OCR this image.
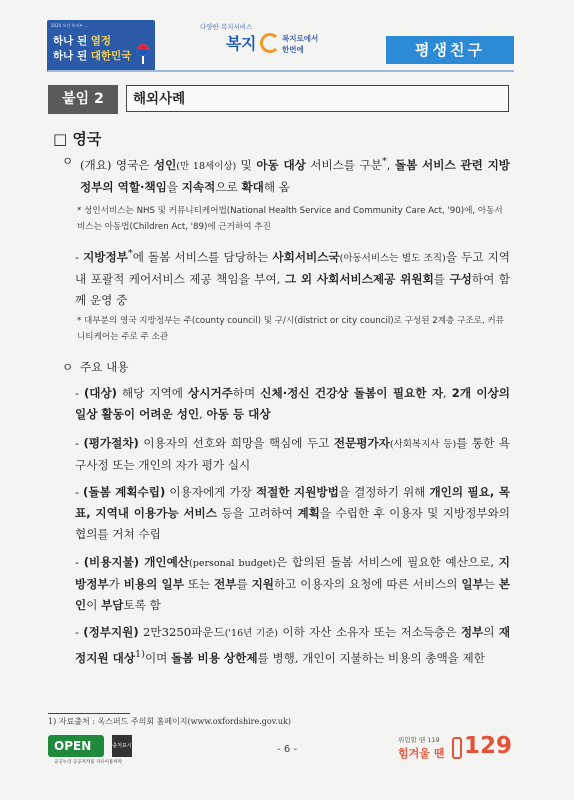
2020 보건 복지부 ...
하나 된 열정
하나 된 대한민국
다양한 복지서비스
복지	복지로에서
한번에	평생친구
붙임 2	해외사례
□ 영국
ㅇ (개요) 영국은 성인(만 18세이상) 및 아동 대상 서비스를 구분*, 돌봄 서비스 관련 지방정부의 역할·책임을 지속적으로 확대해 옴
* 성인서비스는 NHS 및 커뮤니티케어법(National Health Service and Community Care Act, '90)에, 아동서비스는 아동법(Children Act, '89)에 근거하여 추진
- 지방정부*에 돌봄 서비스를 담당하는 사회서비스국(아동서비스는 별도 조직)을 두고 지역 내 포괄적 케어서비스 제공 책임을 부여, 그 외 사회서비스제공 위원회를 구성하여 함께 운영 중
* 대부분의 영국 지방정부는 주(county council) 및 구/시(district or city council)로 구성된 2계층 구조로, 커뮤니티케어는 주로 주 소관
ㅇ 주요 내용
- (대상) 해당 지역에 상시거주하며 신체·정신 건강상 돌봄이 필요한 자, 2개 이상의 일상 활동이 어려운 성인, 아동 등 대상
- (평가절차) 이용자의 선호와 희망을 핵심에 두고 전문평가자(사회복지사 등)를 통한 욕구사정 또는 개인의 자가 평가 실시
- (돌봄 계획수립) 이용자에게 가장 적절한 지원방법을 결정하기 위해 개인의 필요, 목표, 지역내 이용가능 서비스 등을 고려하여 계획을 수립한 후 이용자 및 지방정부와의 협의를 거쳐 수립
- (비용지불) 개인예산(personal budget)은 합의된 돌봄 서비스에 필요한 예산으로, 지방정부가 비용의 일부 또는 전부를 지원하고 이용자의 요청에 따른 서비스의 일부는 본인이 부담토록 함
- (정부지원) 2만3250파운드('16년 기준) 이하 자산 소유자 또는 저소득층은 정부의 재정지원 대상$^{1)}$이며 돌봄 비용 상한제를 병행, 개인이 지불하는 비용의 총액을 제한
1) 자료출처 : 옥스퍼드 주의회 홈페이지(www.oxfordshire.gov.uk)
OPEN	출처표시
공공누리 공공저작물 자유이용허락
- 6 -
위험할 땐 119
힘겨울 땐 129
